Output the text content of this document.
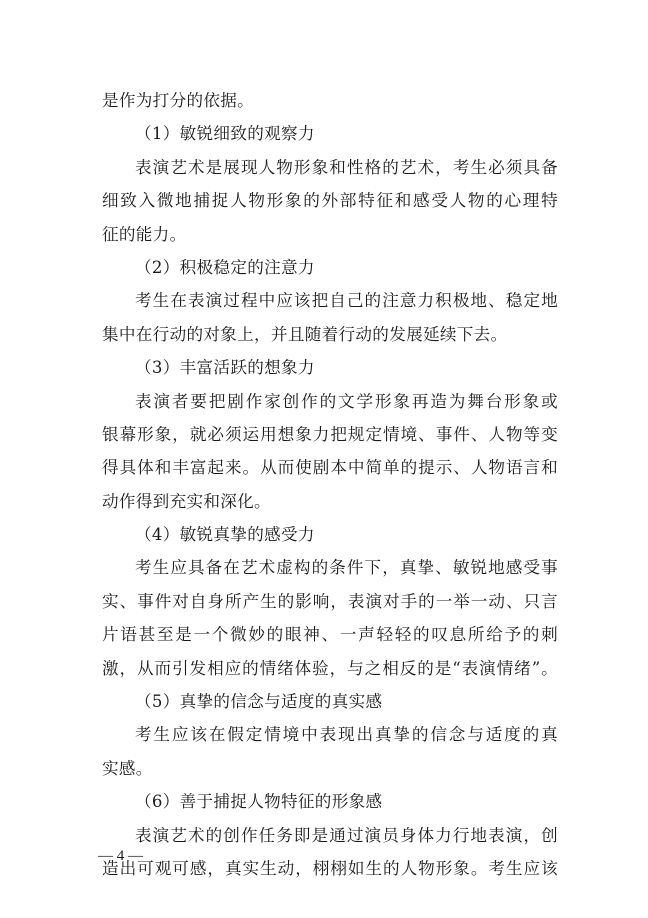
是作为打分的依据。
（1）敏锐细致的观察力
表演艺术是展现人物形象和性格的艺术，考生必须具备
细致入微地捕捉人物形象的外部特征和感受人物的心理特
征的能力。
（2）积极稳定的注意力
考生在表演过程中应该把自己的注意力积极地、稳定地
集中在行动的对象上，并且随着行动的发展延续下去。
（3）丰富活跃的想象力
表演者要把剧作家创作的文学形象再造为舞台形象或
银幕形象，就必须运用想象力把规定情境、事件、人物等变
得具体和丰富起来。从而使剧本中简单的提示、人物语言和
动作得到充实和深化。
（4）敏锐真挚的感受力
考生应具备在艺术虚构的条件下，真挚、敏锐地感受事
实、事件对自身所产生的影响，表演对手的一举一动、只言
片语甚至是一个微妙的眼神、一声轻轻的叹息所给予的刺
激，从而引发相应的情绪体验，与之相反的是“表演情绪”。
（5）真挚的信念与适度的真实感
考生应该在假定情境中表现出真挚的信念与适度的真
实感。
（6）善于捕捉人物特征的形象感
表演艺术的创作任务即是通过演员身体力行地表演，创
造出可观可感，真实生动，栩栩如生的人物形象。考生应该
— 4 —
